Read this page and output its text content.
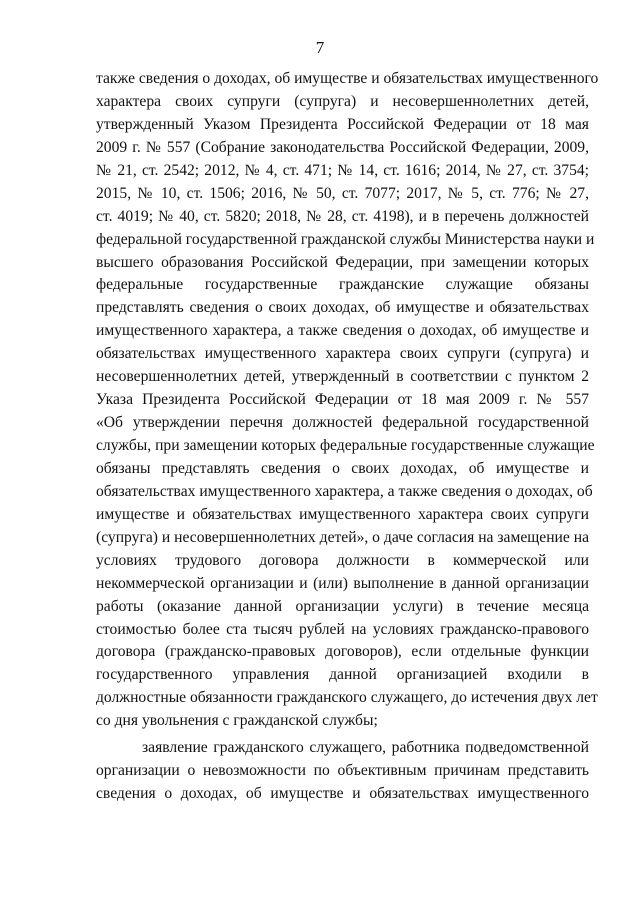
7
также сведения о доходах, об имуществе и обязательствах имущественного
характера своих супруги (супруга) и несовершеннолетних детей,
утвержденный Указом Президента Российской Федерации от 18 мая
2009 г. № 557 (Собрание законодательства Российской Федерации, 2009,
№ 21, ст. 2542; 2012, № 4, ст. 471; № 14, ст. 1616; 2014, № 27, ст. 3754;
2015, № 10, ст. 1506; 2016, № 50, ст. 7077; 2017, № 5, ст. 776; № 27,
ст. 4019; № 40, ст. 5820; 2018, № 28, ст. 4198), и в перечень должностей
федеральной государственной гражданской службы Министерства науки и
высшего образования Российской Федерации, при замещении которых
федеральные государственные гражданские служащие обязаны
представлять сведения о своих доходах, об имуществе и обязательствах
имущественного характера, а также сведения о доходах, об имуществе и
обязательствах имущественного характера своих супруги (супруга) и
несовершеннолетних детей, утвержденный в соответствии с пунктом 2
Указа Президента Российской Федерации от 18 мая 2009 г. № 557
«Об утверждении перечня должностей федеральной государственной
службы, при замещении которых федеральные государственные служащие
обязаны представлять сведения о своих доходах, об имуществе и
обязательствах имущественного характера, а также сведения о доходах, об
имуществе и обязательствах имущественного характера своих супруги
(супруга) и несовершеннолетних детей», о даче согласия на замещение на
условиях трудового договора должности в коммерческой или
некоммерческой организации и (или) выполнение в данной организации
работы (оказание данной организации услуги) в течение месяца
стоимостью более ста тысяч рублей на условиях гражданско-правового
договора (гражданско-правовых договоров), если отдельные функции
государственного управления данной организацией входили в
должностные обязанности гражданского служащего, до истечения двух лет
со дня увольнения с гражданской службы;
заявление гражданского служащего, работника подведомственной
организации о невозможности по объективным причинам представить
сведения о доходах, об имуществе и обязательствах имущественного
